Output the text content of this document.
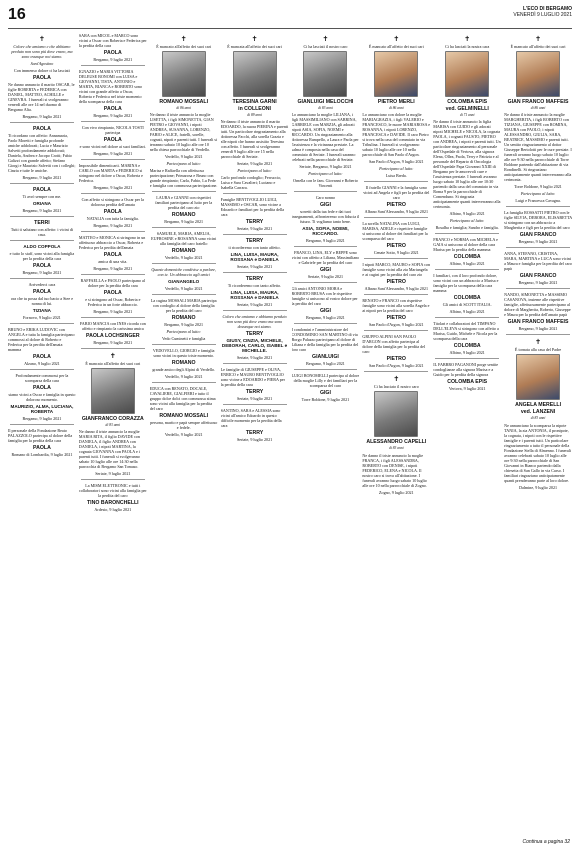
16	L'ECO DI BERGAMO
VENERDÌ 9 LUGLIO 2021
✝

Colore che amiamo e che abbiamo perduto non sono più dove erano, ma sono ovunque noi siamo.

Sant'Agostino

Con immenso dolore ci ha lasciati

PAOLA

Ne danno annuncio il marito OSCAR, le figlie ROBERTA e FEDERICA con DANIEL, MATTEO, ACHILLE e GINEVRA. I funerali si svolgeranno venerdì alle ore 14 nel duomo di Bergamo Alta.

Bergamo, 9 luglio 2021

PAOLA

Ti ricordano con affetto: Annamaria, Paolo Moretti e famiglia profonde amiche addolorati; Lucia e Maurizio Salvetti profondamente addolorati; Daniela, Andrea e Jacopo Crotti; Fabio Galizzi con grande affetto; Stefano Giorgi e Maurizio Salvetti con i colleghi; Cinzia e tutte le amiche.

Bergamo, 9 luglio 2021

PAOLA

Ti avrò sempre con me.

ORIANA

Bergamo, 9 luglio 2021

TERRI

Tutti ti salutano con affetto: i vicini di casa.

ALDO COPPOLA

e tutto lo staff, sono vicini alla famiglia per la perdita della cara

PAOLA

Bergamo, 9 luglio 2021

Arrivederci cara

PAOLA

ora che tu possa dal tuo bacio a Stee e nonna di lui.

TIZIANA

Fornovo, 9 luglio 2021

BRUNO e ERIKA LUDOVIC con ANGELA e tutta la famiglia partecipano commossi al dolore di Roberto e Federica per la perdita dell'amata mamma

PAOLA

Alzano, 9 luglio 2021

Profondamente commossi per la scomparsa della cara

PAOLA

siamo vicini a Oscar e famiglia in questo doloroso momento.

MAURIZIO, ALMA, LUCIANA, ROBERTA

Bergamo, 9 luglio 2021

Il personale della Fondazione Beato PALAZZOLO partecipa al dolore della famiglia per la perdita della cara

PAOLA

Romano di Lombardia, 9 luglio 2021

SARA con MICOL e MARCO sono vicini a Oscar con Roberta e Federica per la perdita della cara

PAOLA

Bergamo, 9 luglio 2021

IGNAZIO e MARIA VITTORIA DELEUSE BONOMI con LUISA e GIOVANNI, TISTA, ANTONIO e MARTA, BIANCA e ROBERTO sono vicini con grande affetto a Oscar, Roberta e Federica nel triste momento della scomparsa della cara

PAOLA

Bergamo, 9 luglio 2021

Con vivo rimpianto, NICOLA TOSTI partecipa

PAOLA

e sono vicini nel dolore ai suoi familiari.

Bergamo, 9 luglio 2021

Impossibile dimenticarti. MARINA e CARLO con MARTA e FEDERICO si stringono nel dolore a Oscar, Roberta e Federica.

Bergamo, 9 luglio 2021

Con affetto si stringono a Oscar per la dolorosa perdita dell'amata

PAOLA

NATALIA con tutta la famiglia.

Bergamo, 9 luglio 2021

MATTEO e MONICA si stringono in un affettuoso abbraccio a Oscar, Roberta e Federica per la perdita dell'amata

PAOLA

amica di una vita.

Bergamo, 9 luglio 2021

RAFFAELLA e PAOLO partecipano al dolore per la perdita della cara

PAOLA

e si stringono ad Oscar, Roberta e Federica in un forte abbraccio.

Bergamo, 9 luglio 2021

FABIO MANCIA con INES ricorda con affetto e rimpianto la carissima amica

PAOLA LOCHSINGER

Bergamo, 9 luglio 2021

✝

È mancato all'affetto dei suoi cari

GIANFRANCO CORAZZA

di 83 anni

Ne danno il triste annuncio la moglie MARIA RITA, il figlio DAVIDE con DANIELA, il figlio ANDREA con DANIELA, i nipoti MARTINA, la cognata GIOVANNA con PAOLA e i parenti tutti. I funerali si svolgeranno sabato 10 luglio alle ore 14:30 nella parrocchia di Bergamo San Tomaso.

Seriate, 9 luglio 2021

La MISM ELETTRONIC e tutti i collaboratori sono vicini alla famiglia per la perdita del caro

TINO BARONCHELLI

Ardesio, 9 luglio 2021

✝

È mancato all'affetto dei suoi cari

ROMANO MOSSALI

di 86 anni

Ne danno il triste annuncio la moglie LISETTA, i figli SIMONETTA, GIAN PIETRO e GIOVANNI, i nipoti ANDREA, SUSANNA, LORENZO, FABIO e ALICE, fratelli, sorelle, cognati, nipoti e parenti tutti. I funerali si terranno sabato 10 luglio alle ore 10 nella chiesa parrocchiale di Verdello.

Verdello, 9 luglio 2021

Partecipano al lutto:

Marisa e Raffaella con affettuosa partecipazione; Primarosa e Bruno con grande rimpianto; Carla, Fabio, Lu Fede e famiglia con commossa partecipazione.

LAURA e GIANNI con rispettivi familiari partecipano al lutto per la perdita del caro zio

ROMANO

Bergamo, 9 luglio 2021

SAMUELE, MARIA, AMELIA, EUFROSINE e ROSANNA sono vicini alla famiglia del caro fratello

ROMANO

Verdello, 9 luglio 2021

Quante domeniche condivise a parlare, con te. Un abbraccio agli amici

GIANANGELO

Verdello, 9 luglio 2021

La cugina MOSSALI MARIA partecipa con cordoglio al dolore della famiglia per la perdita del caro

ROMANO

Bergamo, 9 luglio 2021

Partecipano al lutto:

Vedo Cuminetti e famiglia

VEDOVELLO, GIORGIO e famiglia sono vicini in questo triste momento.

ROMANO

grande amico degli Alpini di Verdello.

Verdello, 9 luglio 2021

EDUCA con RENATO, DOCALE, CAVALIERE, GIALFIERI e tutto il gruppo dolce dolci con commossa stima sono vicini alla famiglia per la perdita del caro

ROMANO MOSSALI

persona, marito e papà sempre affettuoso e fedele.

Verdello, 9 luglio 2021

✝

È mancata all'affetto dei suoi cari

TERESINA GARNI
in COLLEONI

di 89 anni

Ne danno il triste annuncio il marito EDOARDO, la nuora PIERINA e parenti tutti. Un particolare ringraziamento alla dottoressa Facchi, alla sorella Grazia e alle nipoti che hanno assistito Teresina con affetto. I funerali si svolgeranno venerdì 9 luglio alle ore 15 nella parrocchiale di Seriate.

Seriate, 9 luglio 2021

Partecipano al lutto:

Carlo profondo cordoglio; Ferruccio, Luisa e Sara Cavalieri; Luciano e Isabella Carrara.

Famiglie BENTIVOGLIO LUIGI, MASSIMO e OSCAR, sono vicine a Edoardo e familiari per la perdita della cara

TERRY

Seriate, 9 luglio 2021

TERRY

ti ricorderemo con tanto affetto.

LINA, LUISA, MAURA, ROSSANA e DANIELA

Seriate, 9 luglio 2021

TERRY

Ti ricorderemo con tanto affetto.

LINA, LUISA, MAURA, ROSSANA e DANIELA

Seriate, 9 luglio 2021

Coloro che amiamo e abbiamo perduto non sono più dove erano ma sono dovunque noi siamo.

TERRY

GIUSY, CINZIA, MICHELE, DEBORAH, CARLO, ISABEL e MICHELLE.

Seriate, 9 luglio 2021

Le famiglie di GIUSEPPE e OLIVA, ENRICO e MAURO BENTIVOGLIO sono vicine a EDOARDO e PIERA per la perdita della cara

TERRY

Seriate, 9 luglio 2021

SANTINO, SARA e ALESSIA sono vicini all'amico Edoardo in questo difficile momento per la perdita della cara

TERRY

Seriate, 9 luglio 2021

✝

Ci ha lasciati il nostro caro

GIANLUIGI MELOCCHI

di 83 anni

Lo annunciano la moglie LILIANA, i figli MASSIMILIANO con SABRINA, GABRIELE con MARZIA, gli adorati nipoti ASIA, SOFIA, NOEMI e RICCARDO. Un ringraziamento alla dottoressa Rampello, a Laura e Paola per l'assistenza e la vicinanza prestate. La salma è composta nella casa del commiato di Seriate. I funerali saranno celebrati nella parrocchiale di Seriate.

Seriate, Bergamo, 9 luglio 2021

Partecipano al lutto:

Ornella con le fam. Giovanni e Roberto Vincenti

Caro nonno

GIGI

sorretti dalla tua fede e dai tuoi insegnamenti, affronteremo con fiducia il futuro. Ti vogliamo tanto bene.

ASIA, SOFIA, NOEMI, RICCARDO.

Bergamo, 9 luglio 2021

FRANCO, LINA, ELY e BEPPE sono vicini con affetto a Liliana, Massimiliano e Gabriele per la perdita del caro

GIGI

Seriate, 9 luglio 2021

Gli amici ANTONIO MORA e ROBERTO BRUSA con le rispettive famiglie si uniscono al vostro dolore per la perdita del caro

GIGI

Bergamo, 9 luglio 2021

I condomini e l'amministratore del CONDOMINIO SAN MARTINO di via Borgo Palazzo partecipano al dolore di Liliana e della famiglia per la perdita del loro caro

GIANLUIGI

Bergamo, 9 luglio 2021

LUIGI BONOMELLI partecipa al dolore della moglie Lilly e dei familiari per la scomparsa del caro

GIGI

Torre Boldone, 9 luglio 2021

✝

È mancato all'affetto dei suoi cari

PIETRO MERLI

di 86 anni

Lo annunciano con dolore la moglie MARIAGRAZIA, i figli VALERIO e FRANCESCO, le nuore MARIAROSA e ROSANNA, i nipoti LORENZO, FRANCESCA e DAVIDE. Il caro Pietro si trova nella casa del commiato in via Tribulina. I funerali si svolgeranno sabato 10 luglio alle ore 10 nella parrocchiale di San Paolo d'Argon.

San Paolo d'Argon, 9 luglio 2021

Partecipano al lutto:

Luisa Breda.

Il fratello GIANNI e la famiglia sono vicini ad Angela e figli per la perdita del caro

PIETRO

Albano Sant'Alessandro, 9 luglio 2021

La sorella NATALINA con LUIGI, MARISA, ADELE e rispettive famiglie si uniscono al dolore dei familiari per la scomparsa del caro

PIETRO

Cenate Sotto, 9 luglio 2021

I nipoti MARCO, MAURO e SOFIA con famiglie sono vicini alla zia Mariangela e ai cugini per la perdita del caro zio

PIETRO

Albano Sant'Alessandro, 9 luglio 2021

RENATO e FRANCO con rispettive famiglie sono vicini alla sorella Angela e ai nipoti per la perdita del caro

PIETRO

San Paolo d'Argon, 9 luglio 2021

GRUPPO ALPINI SAN PAOLO D'ARGON con affetto partecipa al dolore della famiglia per la perdita del caro

PIETRO

San Paolo d'Argon, 9 luglio 2021

✝

Ci ha lasciato il nostro caro

ALESSANDRO CAPELLI

di 83 anni

Ne danno il triste annuncio la moglie FRANCA, i figli ALESSANDRA, ROBERTO con DENISE, i nipoti FEDERICO, ELENA e NICOLA. Il nostro caro si trova all'abitazione. I funerali avranno luogo sabato 10 luglio alle ore 10 nella parrocchiale di Zogno.

Zogno, 9 luglio 2021

✝

Ci ha lasciati la nostra cara

COLOMBA EPIS
ved. GELMINELLI

di 71 anni

Ne danno il triste annuncio la figlia MARISA con GUIDO e gli adorati nipoti MICHELE e NICOLA, la cognata PAOLA, i cognati FAUSTO, PIETRO con ANDREA, i nipoti e parenti tutti. Un particolare ringraziamento al personale dell'Ospedale di Vertova, alla signora Elena, Ollea, Paola, Terry e Patrizia e al personale del Reparto di Oncologia dell'Ospedale Papa Giovanni XXIII di Bergamo per le amorevoli cure e l'assistenza prestate. I funerali avranno luogo sabato 10 luglio alle ore 10:30 partendo dalla casa del commiato in via Roma 9 per la parrocchiale di Comenduno. Si ringrazia anticipatamente quanti interverranno alla cerimonia.

Albino, 9 luglio 2021

Partecipano al lutto:

Rosalba e famiglia; Sandro e famiglia.

FRANCO e NORMA con MICHELA e GAIA si uniscono al dolore della cara Marisa per la perdita della mamma

COLOMBA

Albino, 9 luglio 2021

I familiari, con il loro profondo dolore, sono vicini con un abbraccio a Marisa e famiglia per la scomparsa della cara mamma

COLOMBA

Gli amici di SCOTT ITALIA.

Albino, 9 luglio 2021

Titolari e collaboratori del TIMPANO DELL'ELEVA si stringono con affetto a Marisa, Guido, Michele e Nicola per la scomparsa della cara

COLOMBA

Albino, 9 luglio 2021

IL FABBRO PAGANONI porge sentite condoglianze alla signora Marisa e a Guido per la perdita della signora

COLOMBA EPIS

Vertova, 9 luglio 2021

✝

È mancato all'affetto dei suoi cari

GIAN FRANCO MAFFEIS

di 86 anni

Ne danno il triste annuncio la moglie MARGHERITA, i figli ROBERTO con TIZIANA, GIUSEPPE con ROMINA, MAURA con PAOLO, i nipoti ALESSANDRO, GIULIA, SARA, BEATRICE, MASSIMO e parenti tutti. Un sentito ringraziamento al dottor Giuseppe Bertolotti per le cure prestate. I funerali avranno luogo sabato 10 luglio alle ore 9:30 nella parrocchiale di Torre Boldone partendo dall'abitazione di via Rondinelli. Si ringraziano anticipatamente quanti interverranno alla cerimonia.

Torre Boldone, 9 luglio 2021

Partecipano al lutto:

Luigi e Francesca Cavagna.

La famiglia ROSSATTI PIETRO con le figlie SILVIA, DEBORA, ELISABETTA si stringono con un abbraccio a Margherita e figli per la perdita del caro

GIAN FRANCO

Bergamo, 9 luglio 2021

ANNA, STEFANO, CRISTINA, MARA, MARTINA e LUCA sono vicini a Maura e famiglia per la perdita del caro papà

GIAN FRANCO

Bergamo, 9 luglio 2021

NANDO, SIMONETTA e MASSIMO CASANOVA, insieme alle rispettive famiglie, affettuosamente partecipano al dolore di Margherita, Roberto, Giuseppe e Maura per la perdita dell'amato papà

GIAN FRANCO MAFFEIS

Bergamo, 9 luglio 2021

✝

È tornata alla casa del Padre

ANGELA MERELLI
ved. LANZENI

di 83 anni

Ne annunciano la scomparsa la nipote TANIA, la zia ANTONIA, il pronipote, la cognata, i nipoti con le rispettive famiglie e i parenti tutti. Un particolare ringraziamento a tutto il personale della Fondazione Stella di Almenno. I funerali avranno celebrati sabato 10 luglio alle ore 9:30 nella parrocchiale di San Giovanni in Bianco partendo dalla chiesetta di San Gallo in via Carso. I familiari ringraziano anticipatamente quanti prenderanno parte al loro dolore.

Dalmine, 9 luglio 2021

Continua a pagina 32
